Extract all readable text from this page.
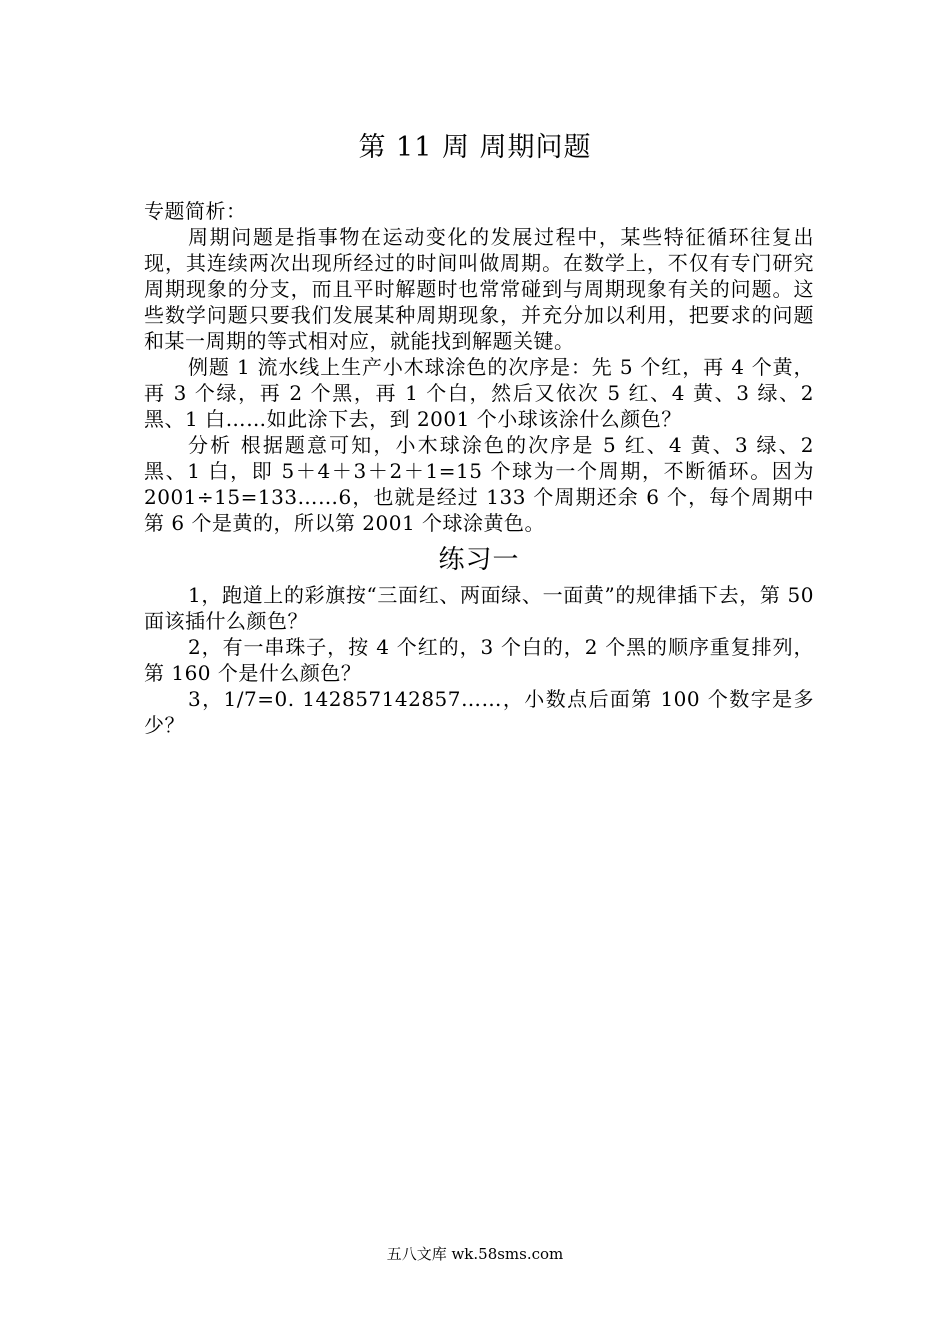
第 11 周 周期问题

专题简析：

周期问题是指事物在运动变化的发展过程中，某些特征循环往复出现，其连续两次出现所经过的时间叫做周期。在数学上，不仅有专门研究周期现象的分支，而且平时解题时也常常碰到与周期现象有关的问题。这些数学问题只要我们发展某种周期现象，并充分加以利用，把要求的问题和某一周期的等式相对应，就能找到解题关键。

例题 1 流水线上生产小木球涂色的次序是：先 5 个红，再 4 个黄，再 3 个绿，再 2 个黑，再 1 个白，然后又依次 5 红、4 黄、3 绿、2 黑、1 白……如此涂下去，到 2001 个小球该涂什么颜色？

分析 根据题意可知，小木球涂色的次序是 5 红、4 黄、3 绿、2 黑、1 白，即 5＋4＋3＋2＋1=15 个球为一个周期，不断循环。因为 2001÷15=133……6，也就是经过 133 个周期还余 6 个，每个周期中第 6 个是黄的，所以第 2001 个球涂黄色。

练习一

1，跑道上的彩旗按“三面红、两面绿、一面黄”的规律插下去，第 50 面该插什么颜色？

2，有一串珠子，按 4 个红的，3 个白的，2 个黑的顺序重复排列，第 160 个是什么颜色？

3，1/7=0. 142857142857……，小数点后面第 100 个数字是多少？

五八文库 wk.58sms.com
